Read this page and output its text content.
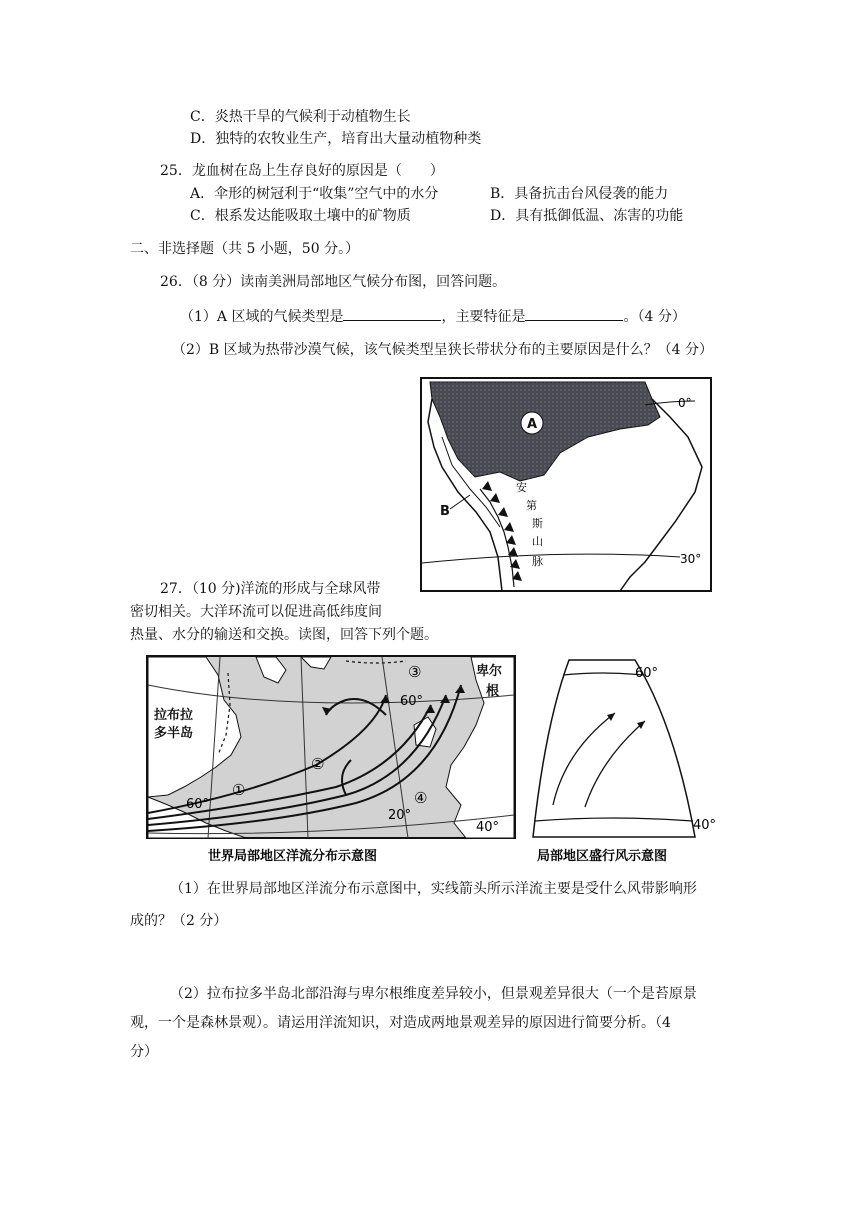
C．炎热干旱的气候利于动植物生长
D．独特的农牧业生产，培育出大量动植物种类
25．龙血树在岛上生存良好的原因是（　　）
A．伞形的树冠利于“收集”空气中的水分	B．具备抗击台风侵袭的能力
C．根系发达能吸取土壤中的矿物质	D．具有抵御低温、冻害的功能
二、非选择题（共 5 小题，50 分。）
26．（8 分）读南美洲局部地区气候分布图，回答问题。
（1）A 区域的气候类型是	，主要特征是	。（4 分）
（2）B 区域为热带沙漠气候，该气候类型呈狭长带状分布的主要原因是什么？（4 分）
A
B
0°
30°
安
第
斯
山
脉
27．（10 分)洋流的形成与全球风带
密切相关。大洋环流可以促进高低纬度间
热量、水分的输送和交换。读图，回答下列个题。
拉布拉
多半岛
卑尔
根
①
②
③
④
60°
60°
20°
40°
世界局部地区洋流分布示意图
60°
40°
局部地区盛行风示意图
（1）在世界局部地区洋流分布示意图中，实线箭头所示洋流主要是受什么风带影响形
成的？（2 分）
（2）拉布拉多半岛北部沿海与卑尔根维度差异较小，但景观差异很大（一个是苔原景
观，一个是森林景观）。请运用洋流知识，对造成两地景观差异的原因进行简要分析。（4
分）
